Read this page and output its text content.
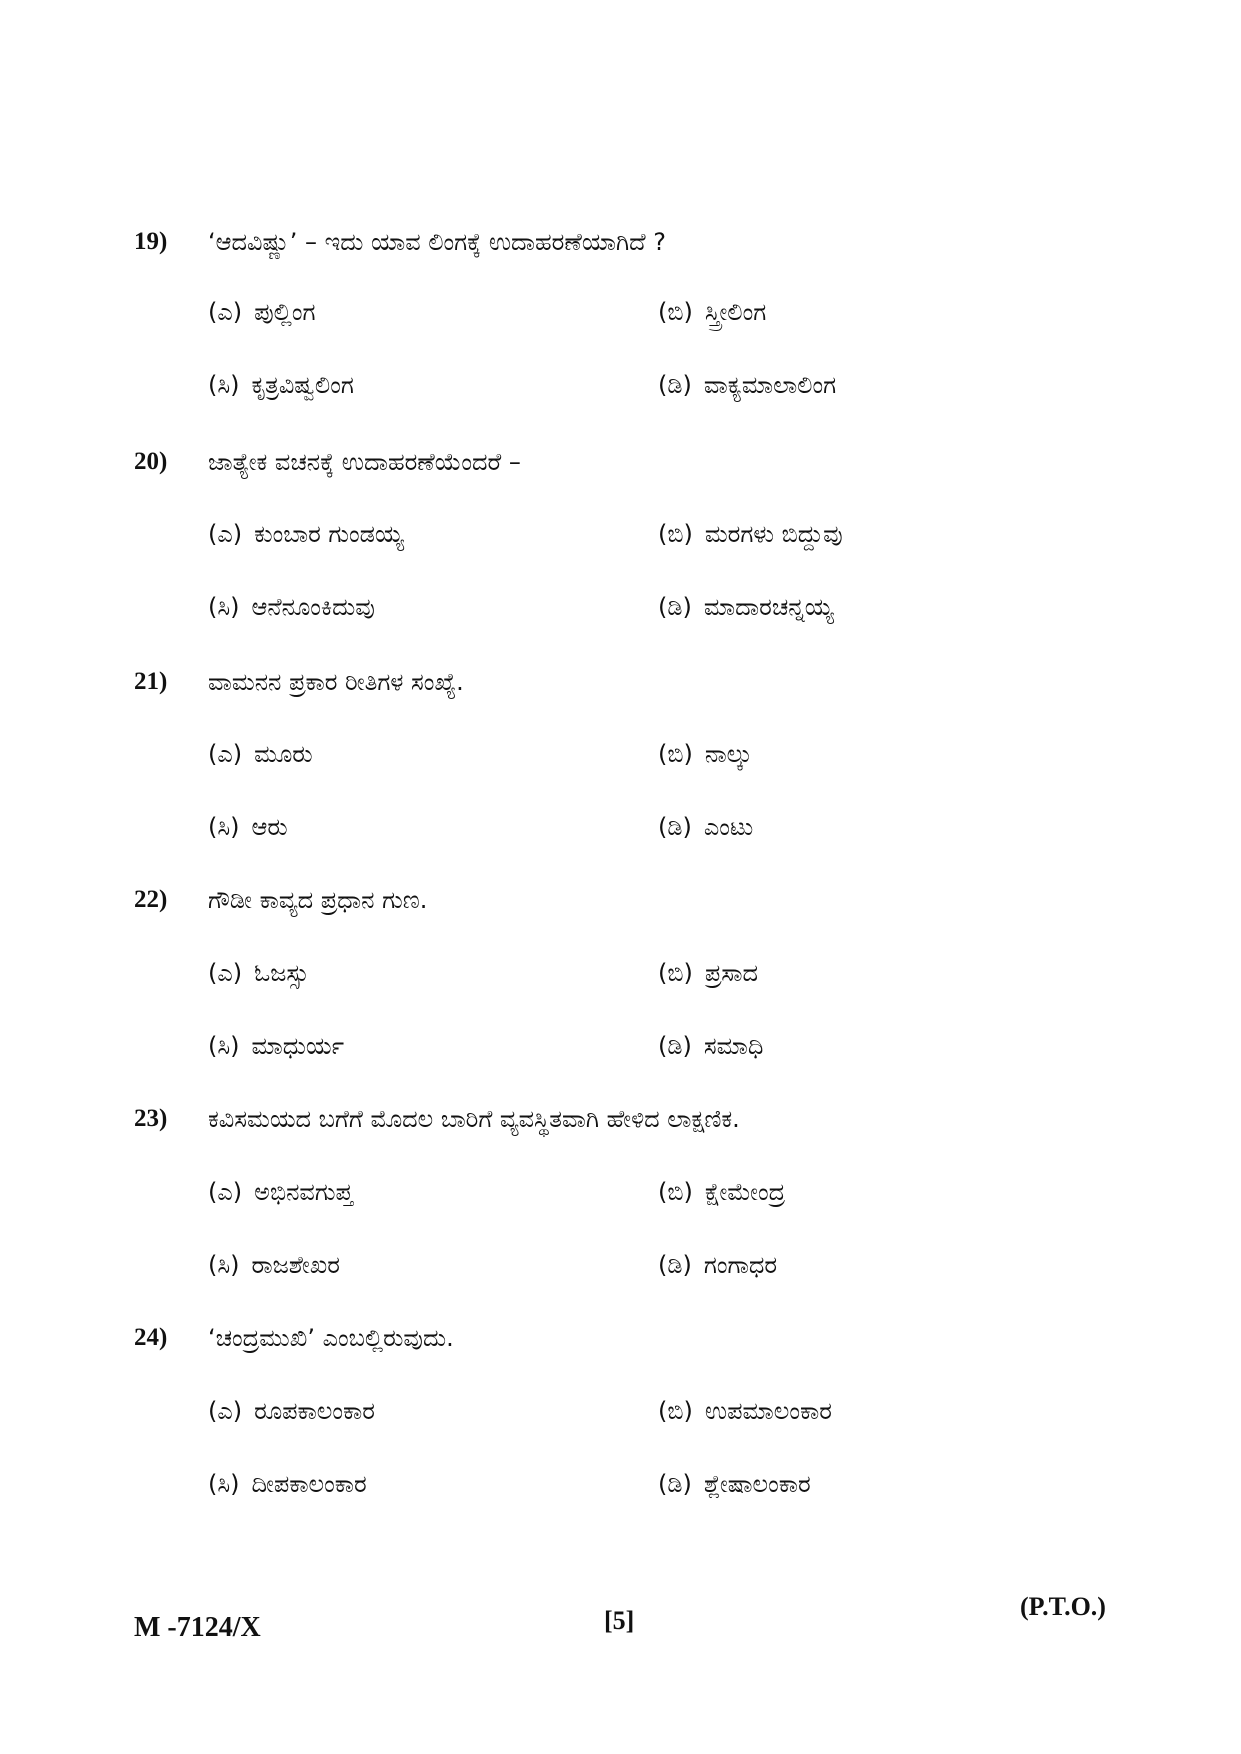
19) ‘ಆದವಿಷ್ಣು’ – ಇದು ಯಾವ ಲಿಂಗಕ್ಕೆ ಉದಾಹರಣೆಯಾಗಿದೆ ?
(ಎ) ಪುಲ್ಲಿಂಗ	(ಬಿ) ಸ್ತ್ರೀಲಿಂಗ
(ಸಿ) ಕೃತ್ರವಿಷ್ವಲಿಂಗ	(ಡಿ) ವಾಕ್ಯಮಾಲಾಲಿಂಗ
20) ಜಾತ್ಯೇಕ ವಚನಕ್ಕೆ ಉದಾಹರಣೆಯೆಂದರೆ –
(ಎ) ಕುಂಬಾರ ಗುಂಡಯ್ಯ	(ಬಿ) ಮರಗಳು ಬಿದ್ದುವು
(ಸಿ) ಆನೆನೂಂಕಿದುವು	(ಡಿ) ಮಾದಾರಚನ್ನಯ್ಯ
21) ವಾಮನನ ಪ್ರಕಾರ ರೀತಿಗಳ ಸಂಖ್ಯೆ.
(ಎ) ಮೂರು	(ಬಿ) ನಾಲ್ಕು
(ಸಿ) ಆರು	(ಡಿ) ಎಂಟು
22) ಗೌಡೀ ಕಾವ್ಯದ ಪ್ರಧಾನ ಗುಣ.
(ಎ) ಓಜಸ್ಸು	(ಬಿ) ಪ್ರಸಾದ
(ಸಿ) ಮಾಧುರ್ಯ	(ಡಿ) ಸಮಾಧಿ
23) ಕವಿಸಮಯದ ಬಗೆಗೆ ಮೊದಲ ಬಾರಿಗೆ ವ್ಯವಸ್ಥಿತವಾಗಿ ಹೇಳಿದ ಲಾಕ್ಷಣಿಕ.
(ಎ) ಅಭಿನವಗುಪ್ತ	(ಬಿ) ಕ್ಷೇಮೇಂದ್ರ
(ಸಿ) ರಾಜಶೇಖರ	(ಡಿ) ಗಂಗಾಧರ
24) ‘ಚಂದ್ರಮುಖಿ’ ಎಂಬಲ್ಲಿರುವುದು.
(ಎ) ರೂಪಕಾಲಂಕಾರ	(ಬಿ) ಉಪಮಾಲಂಕಾರ
(ಸಿ) ದೀಪಕಾಲಂಕಾರ	(ಡಿ) ಶ್ಲೇಷಾಲಂಕಾರ
M -7124/X	[5]	(P.T.O.)
